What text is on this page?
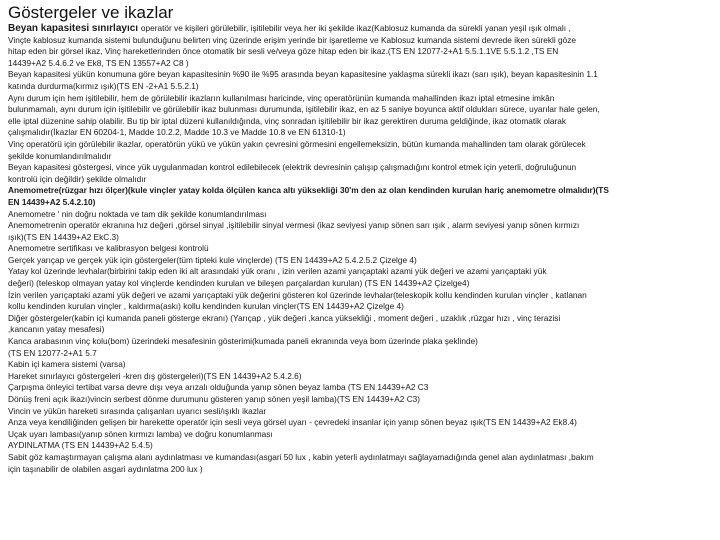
Göstergeler ve ikazlar
Beyan kapasitesi sınırlayıcı operatör ve kişileri görülebilir, işitilebilir veya her iki şekilde ikaz(Kablosuz kumanda da sürekli yanan yeşil ışık olmalı ,
Vinçte kablosuz kumanda sistemi bulunduğunu belirten vinç üzerinde erişim yerinde bir işaretleme ve Kablosuz kumanda sistemi devrede iken sürekli göze
hitap eden bir görsel ikaz, Vinç hareketlerinden önce otomatik bir sesli ve/veya göze hitap eden bir ikaz.(TS EN 12077-2+A1 5.5.1.1VE 5.5.1.2 ,TS EN
14439+A2 5.4.6.2 ve Ek8, TS EN 13557+A2 C8 )
Beyan kapasitesi yükün konumuna göre beyan kapasitesinin %90 ile %95 arasında beyan kapasitesine yaklaşma sürekli ikazı (sarı ışık), beyan kapasitesinin 1.1
katında durdurma(kırmız ışık)(TS EN -2+A1 5.5.2.1)
Aynı durum için hem işitilebilir, hem de görülebilir ikazların kullanılması haricinde, vinç operatörünün kumanda mahallinden ikazı iptal etmesine imkân
bulunmamalı, aynı durum için işitilebilir ve görülebilir ikaz bulunması durumunda, işitilebilir ikaz, en az 5 saniye boyunca aktif oldukları sürece, uyarılar hale gelen,
elle iptal düzenine sahip olabilir. Bu tip bir iptal düzeni kullanıldığında, vinç sonradan işitilebilir bir ikaz gerektiren duruma geldiğinde, ikaz otomatik olarak
çalışmalıdır(İkazlar EN 60204-1, Madde 10.2.2, Madde 10.3 ve Madde 10.8 ve EN 61310-1)
Vinç operatörü için görülebilir ikazlar, operatörün yükü ve yükün yakın çevresini görmesini engellemeksizin, bütün kumanda mahallinden tam olarak görülecek
şekilde konumlandırılmalıdır
Beyan kapasitesi göstergesi, vince yük uygulanmadan kontrol edilebilecek (elektrik devresinin çalışıp çalışmadığını kontrol etmek için yeterli, doğruluğunun
kontrolü için değildir) şekilde olmalıdır
Anemometre(rüzgar hızı ölçer)(kule vinçler yatay kolda ölçülen kanca altı yüksekliği 30'm den az olan kendinden kurulan hariç anemometre olmalıdır)(TS
EN 14439+A2 5.4.2.10)
Anemometre ' nin doğru noktada ve tam dik şekilde konumlandırılması
Anemometrenin operatör ekranına hız değeri ,görsel sinyal ,işitilebilir sinyal vermesi (ikaz seviyesi yanıp sönen sarı ışık , alarm seviyesi yanıp sönen kırmızı
ışık)(TS EN 14439+A2 EkC.3)
Anemometre sertifikası ve kalibrasyon belgesi kontrolü
Gerçek yarıçap ve gerçek yük için göstergeler(tüm tipteki kule vinçlerde) (TS EN 14439+A2 5.4.2.5.2 Çizelge 4)
Yatay kol üzerinde levhalar(birbirini takip eden iki alt arasındaki yük oranı , izin verilen azami yarıçaptaki azami yük değeri ve azami yarıçaptaki yük
değeri) (teleskop olmayan yatay kol vinçlerde kendinden kurulan ve bileşen parçalardan kurulan) (TS EN 14439+A2 Çizelge4)
İzin verilen yarıçaptaki azami yük değeri ve azami yarıçaptaki yük değerini gösteren kol üzerinde levhalar(teleskopik kollu kendinden kurulan vinçler , katlanan
kollu kendinden kurulan vinçler , kaldırma(askı) kollu kendinden kurulan vinçler(TS EN 14439+A2 Çizelge 4)
Diğer göstergeler(kabin içi kumanda paneli gösterge ekranı) (Yarıçap , yük değeri ,kanca yüksekliği , moment değeri , uzaklık ,rüzgar hızı , vinç terazisi
,kancanın yatay mesafesi)
Kanca arabasının vinç kolu(bom) üzerindeki mesafesinin gösterimi(kumada paneli ekranında veya bom üzerinde plaka şeklinde)
(TS EN 12077-2+A1 5.7
Kabin içi kamera sistemi (varsa)
Hareket sınırlayıcı göstergeleri -kren dış göstergeleri)(TS EN 14439+A2 5.4.2.6)
Çarpışma önleyici tertibat varsa devre dışı veya arızalı olduğunda yanıp sönen beyaz lamba (TS EN 14439+A2 C3
Dönüş freni açık ikazı)vincin serbest dönme durumunu gösteren yanıp sönen yeşil lamba)(TS EN 14439+A2 C3)
Vincin ve yükün hareketi sırasında çalışanları uyarıcı sesli/ışıklı ikazlar
Anza veya kendiliğinden gelişen bir harekette operatör için sesli veya görsel uyarı - çevredeki insanlar için yanıp sönen beyaz ışık(TS EN 14439+A2 Ek8.4)
Uçak uyarı lambası(yanıp sönen kırmızı lamba) ve doğru konumlanması
AYDINLATMA (TS EN 14439+A2 5.4.5)
Sabit göz kamaştırmayan çalışma alanı aydınlatması ve kumandası(asgari 50 lux , kabin yeterli aydınlatmayı sağlayamadığında genel alan aydınlatması ,bakım
için taşınabilir de olabilen asgari aydınlatma 200 lux )
